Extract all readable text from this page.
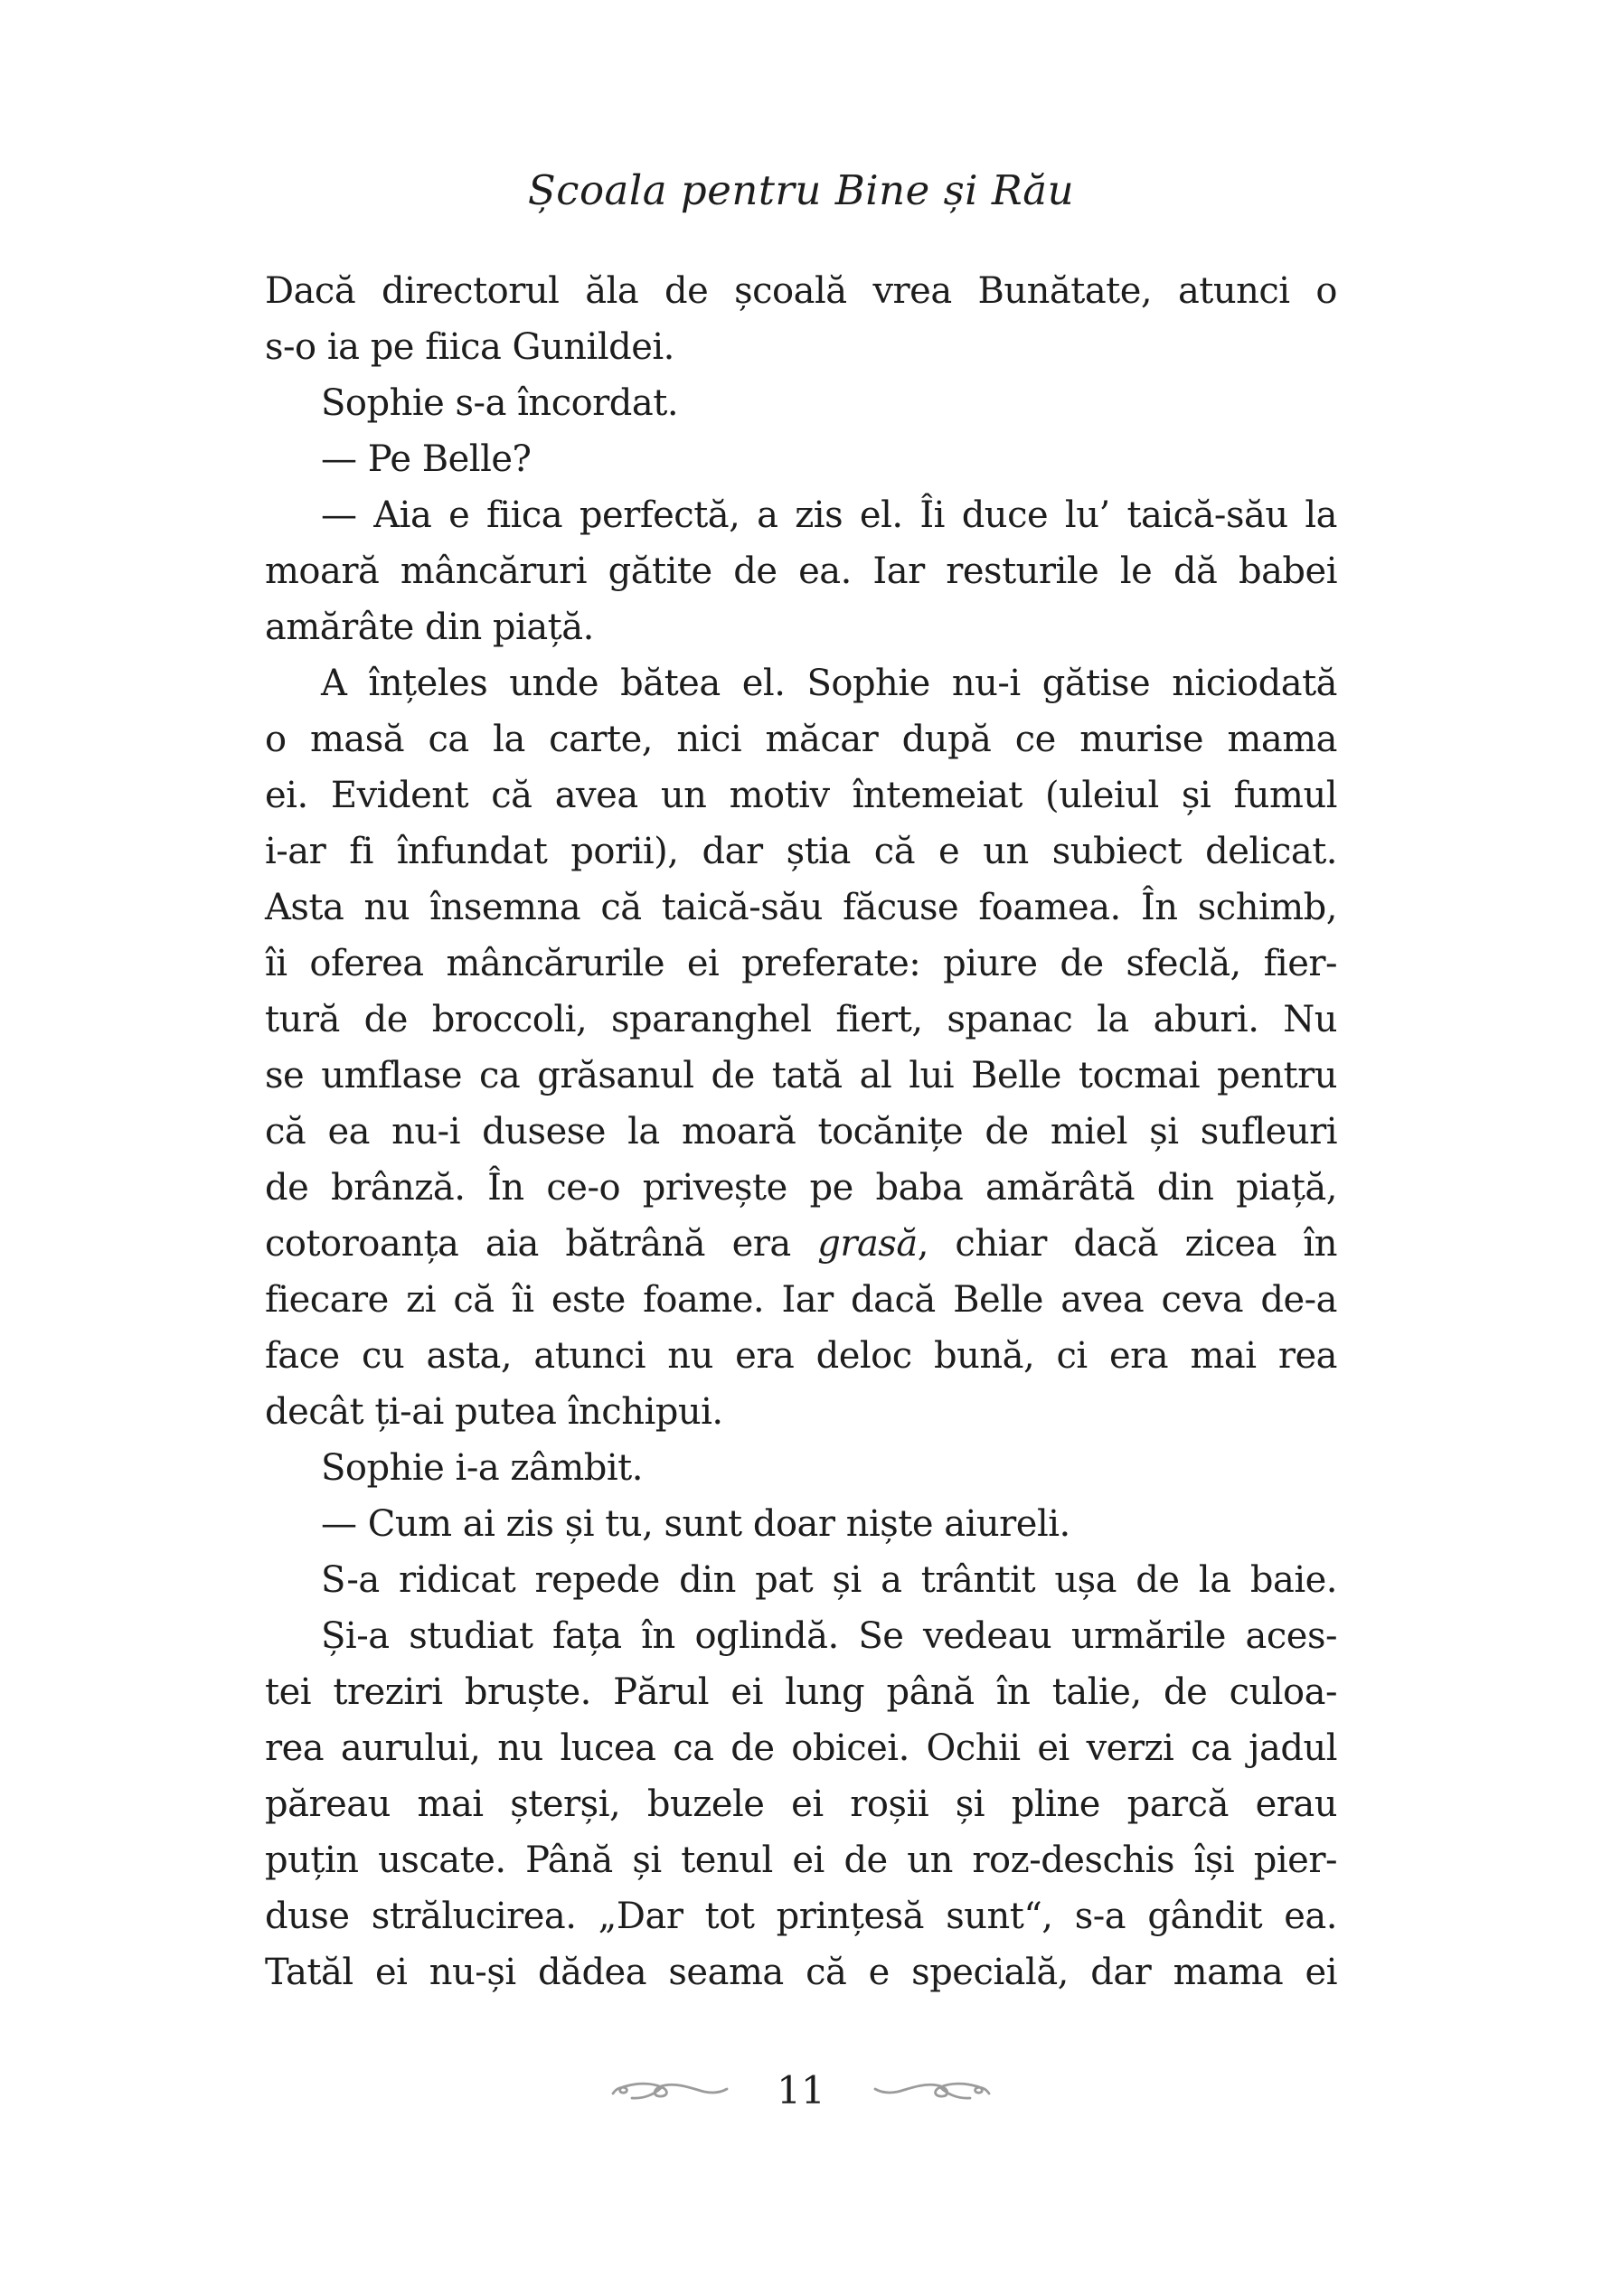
Școala pentru Bine și Rău
Dacă directorul ăla de școală vrea Bunătate, atunci o
s-o ia pe fiica Gunildei.
Sophie s-a încordat.
— Pe Belle?
— Aia e fiica perfectă, a zis el. Îi duce lu’ taică-său la
moară mâncăruri gătite de ea. Iar resturile le dă babei
amărâte din piață.
A înțeles unde bătea el. Sophie nu-i gătise niciodată
o masă ca la carte, nici măcar după ce murise mama
ei. Evident că avea un motiv întemeiat (uleiul și fumul
i-ar fi înfundat porii), dar știa că e un subiect delicat.
Asta nu însemna că taică-său făcuse foamea. În schimb,
îi oferea mâncărurile ei preferate: piure de sfeclă, fier-
tură de broccoli, sparanghel fiert, spanac la aburi. Nu
se umflase ca grăsanul de tată al lui Belle tocmai pentru
că ea nu-i dusese la moară tocănițe de miel și sufleuri
de brânză. În ce-o privește pe baba amărâtă din piață,
cotoroanța aia bătrână era grasă, chiar dacă zicea în
fiecare zi că îi este foame. Iar dacă Belle avea ceva de-a
face cu asta, atunci nu era deloc bună, ci era mai rea
decât ți-ai putea închipui.
Sophie i-a zâmbit.
— Cum ai zis și tu, sunt doar niște aiureli.
S-a ridicat repede din pat și a trântit ușa de la baie.
Și-a studiat fața în oglindă. Se vedeau urmările aces-
tei treziri bruște. Părul ei lung până în talie, de culoa-
rea aurului, nu lucea ca de obicei. Ochii ei verzi ca jadul
păreau mai șterși, buzele ei roșii și pline parcă erau
puțin uscate. Până și tenul ei de un roz-deschis își pier-
duse strălucirea. „Dar tot prințesă sunt“, s-a gândit ea.
Tatăl ei nu-și dădea seama că e specială, dar mama ei
11
